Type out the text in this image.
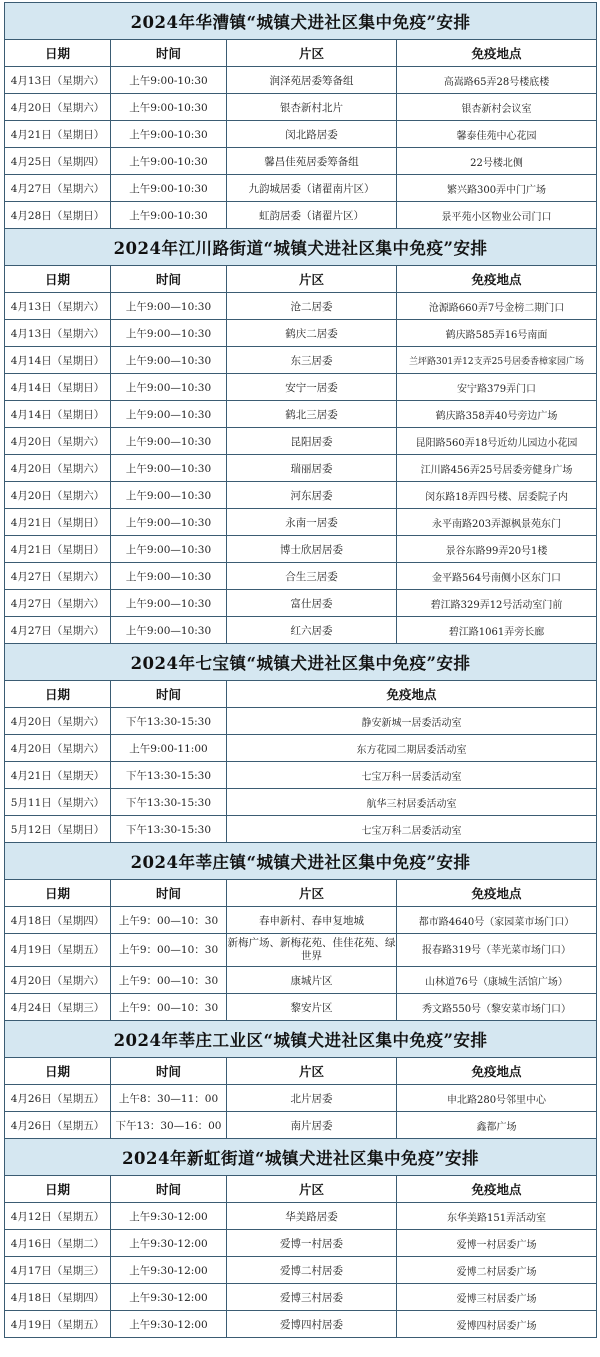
2024年华漕镇“城镇犬进社区集中免疫”安排			
日期	时间	片区	免疫地点
4月13日（星期六）	上午9:00-10:30	润泽苑居委筹备组	高嵩路65弄28号楼底楼
4月20日（星期六）	上午9:00-10:30	银杏新村北片	银杏新村会议室
4月21日（星期日）	上午9:00-10:30	闵北路居委	馨泰佳苑中心花园
4月25日（星期四）	上午9:00-10:30	馨昌佳苑居委筹备组	22号楼北侧
4月27日（星期六）	上午9:00-10:30	九韵城居委（诸翟南片区）	繁兴路300弄中门广场
4月28日（星期日）	上午9:00-10:30	虹韵居委（诸翟片区）	景平苑小区物业公司门口
2024年江川路街道“城镇犬进社区集中免疫”安排			
日期	时间	片区	免疫地点
4月13日（星期六）	上午9:00—10:30	沧二居委	沧源路660弄7号金榜二期门口
4月13日（星期六）	上午9:00—10:30	鹤庆二居委	鹤庆路585弄16号南面
4月14日（星期日）	上午9:00—10:30	东三居委	兰坪路301弄12支弄25号居委香樟家园广场
4月14日（星期日）	上午9:00—10:30	安宁一居委	安宁路379弄门口
4月14日（星期日）	上午9:00—10:30	鹤北三居委	鹤庆路358弄40号旁边广场
4月20日（星期六）	上午9:00—10:30	昆阳居委	昆阳路560弄18号近幼儿园边小花园
4月20日（星期六）	上午9:00—10:30	瑞丽居委	江川路456弄25号居委旁健身广场
4月20日（星期六）	上午9:00—10:30	河东居委	闵东路18弄四号楼、居委院子内
4月21日（星期日）	上午9:00—10:30	永南一居委	永平南路203弄源枫景苑东门
4月21日（星期日）	上午9:00—10:30	博士欣居居委	景谷东路99弄20号1楼
4月27日（星期六）	上午9:00—10:30	合生三居委	金平路564号南侧小区东门口
4月27日（星期六）	上午9:00—10:30	富仕居委	碧江路329弄12号活动室门前
4月27日（星期六）	上午9:00—10:30	红六居委	碧江路1061弄旁长廊
2024年七宝镇“城镇犬进社区集中免疫”安排			
日期	时间	免疫地点	
4月20日（星期六）	下午13:30-15:30	静安新城一居委活动室	
4月20日（星期六）	上午9:00-11:00	东方花园二期居委活动室	
4月21日（星期天）	下午13:30-15:30	七宝万科一居委活动室	
5月11日（星期六）	下午13:30-15:30	航华三村居委活动室	
5月12日（星期日）	下午13:30-15:30	七宝万科二居委活动室	
2024年莘庄镇“城镇犬进社区集中免疫”安排			
日期	时间	片区	免疫地点
4月18日（星期四）	上午9：00—10：30	春申新村、春申复地城	都市路4640号（家园菜市场门口）
4月19日（星期五）	上午9：00—10：30	新梅广场、新梅花苑、佳佳花苑、绿世界	报春路319号（莘光菜市场门口）
4月20日（星期六）	上午9：00—10：30	康城片区	山林道76号（康城生活馆广场）
4月24日（星期三）	上午9：00—10：30	黎安片区	秀文路550号（黎安菜市场门口）
2024年莘庄工业区“城镇犬进社区集中免疫”安排			
日期	时间	片区	免疫地点
4月26日（星期五）	上午8：30—11：00	北片居委	申北路280号邻里中心
4月26日（星期五）	下午13：30—16：00	南片居委	鑫都广场
2024年新虹街道“城镇犬进社区集中免疫”安排			
日期	时间	片区	免疫地点
4月12日（星期五）	上午9:30-12:00	华美路居委	东华美路151弄活动室
4月16日（星期二）	上午9:30-12:00	爱博一村居委	爱博一村居委广场
4月17日（星期三）	上午9:30-12:00	爱博二村居委	爱博二村居委广场
4月18日（星期四）	上午9:30-12:00	爱博三村居委	爱博三村居委广场
4月19日（星期五）	上午9:30-12:00	爱博四村居委	爱博四村居委广场
